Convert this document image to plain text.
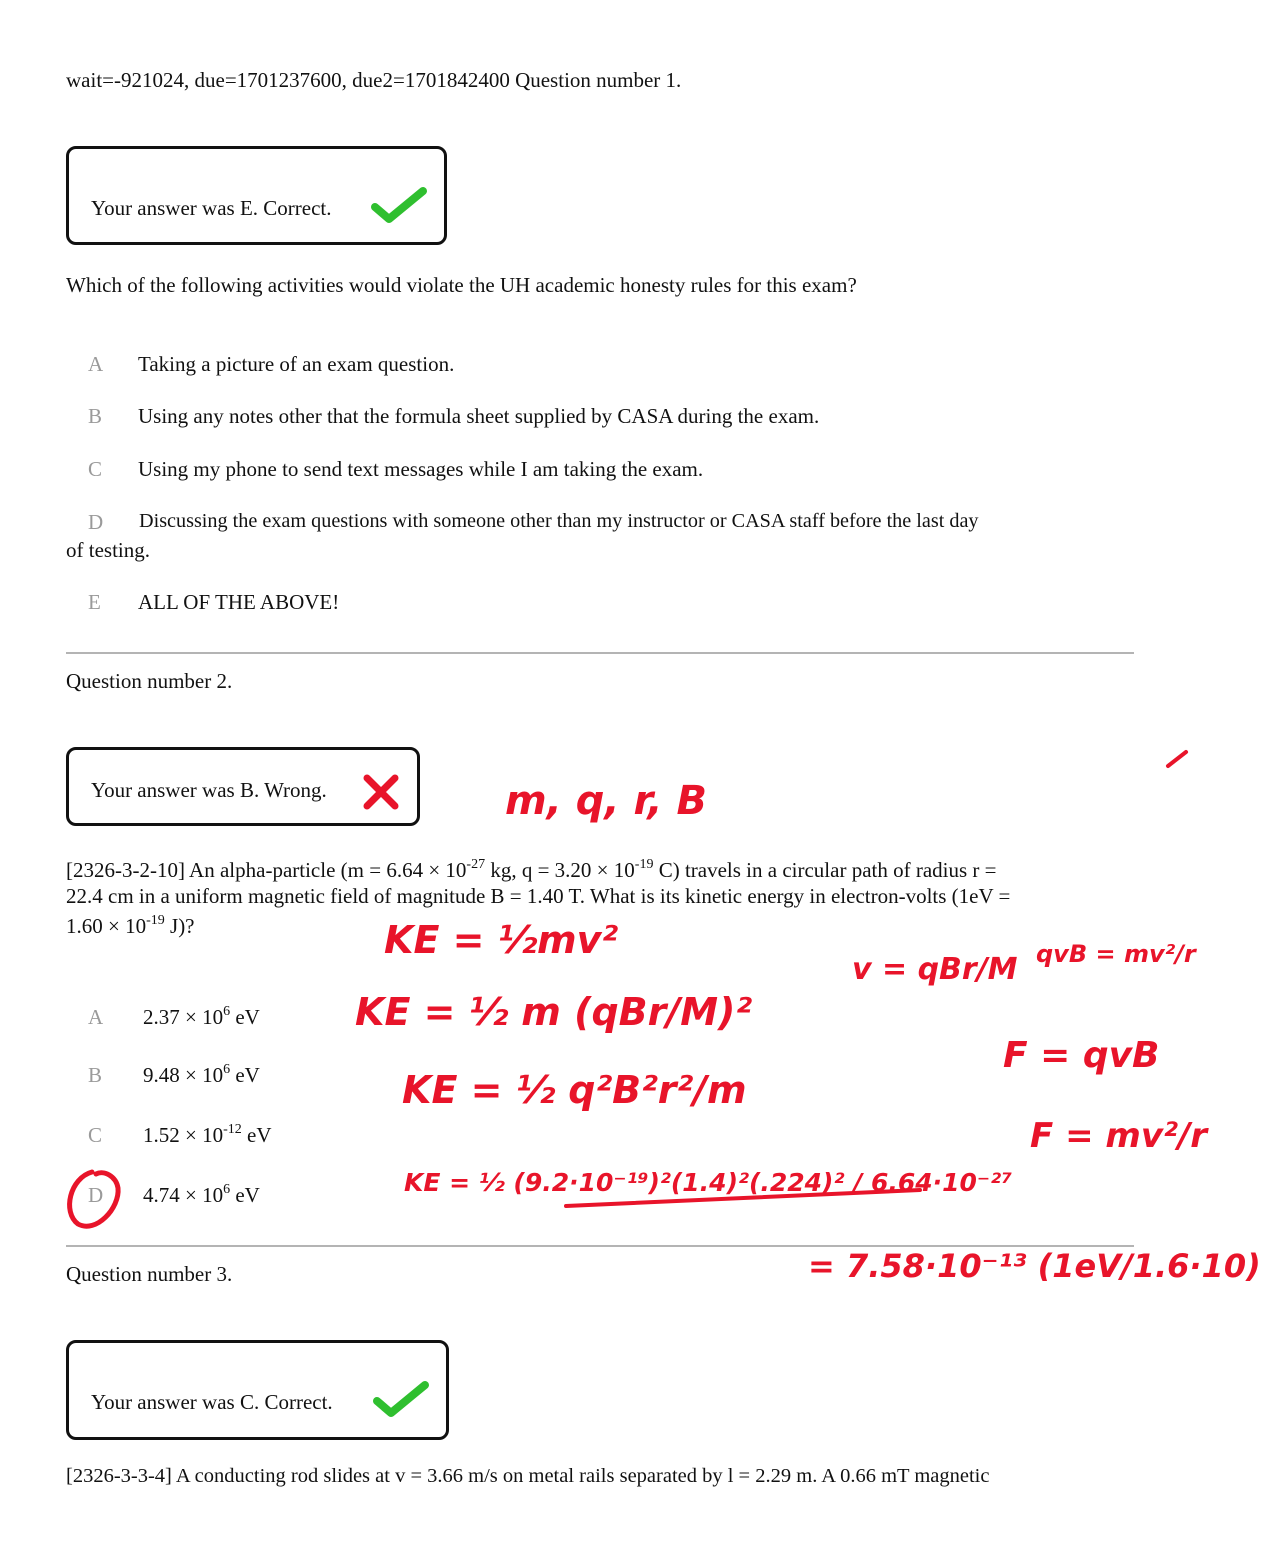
wait=-921024, due=1701237600, due2=1701842400 Question number 1.
Your answer was E. Correct.
Which of the following activities would violate the UH academic honesty rules for this exam?
A Taking a picture of an exam question.
B Using any notes other that the formula sheet supplied by CASA during the exam.
C Using my phone to send text messages while I am taking the exam.
D Discussing the exam questions with someone other than my instructor or CASA staff before the last day
of testing.
E ALL OF THE ABOVE!
Question number 2.
Your answer was B. Wrong.
[2326-3-2-10] An alpha-particle ($m = 6.64 \times 10^{-27}$ kg, $q = 3.20 \times 10^{-19}$ C) travels in a circular path of radius r =
22.4 cm in a uniform magnetic field of magnitude B = 1.40 T. What is its kinetic energy in electron-volts (1eV =
$1.60 \times 10^{-19}$ J)?
A $2.37 \times 10^6$ eV
B $9.48 \times 10^6$ eV
C $1.52 \times 10^{-12}$ eV
D $4.74 \times 10^6$ eV
Question number 3.
Your answer was C. Correct.
[2326-3-3-4] A conducting rod slides at v = 3.66 m/s on metal rails separated by l = 2.29 m. A 0.66 mT magnetic
m, q, r, B
KE = ½mv²
KE = ½ m (qBr/M)²
KE = ½ q²B²r²/m
KE = ½ (9.2·10⁻¹⁹)²(1.4)²(.224)² / 6.64·10⁻²⁷
= 7.58·10⁻¹³ (1eV/1.6·10)
v = qBr/M qvB = mv²/r
F = qvB
F = mv²/r
